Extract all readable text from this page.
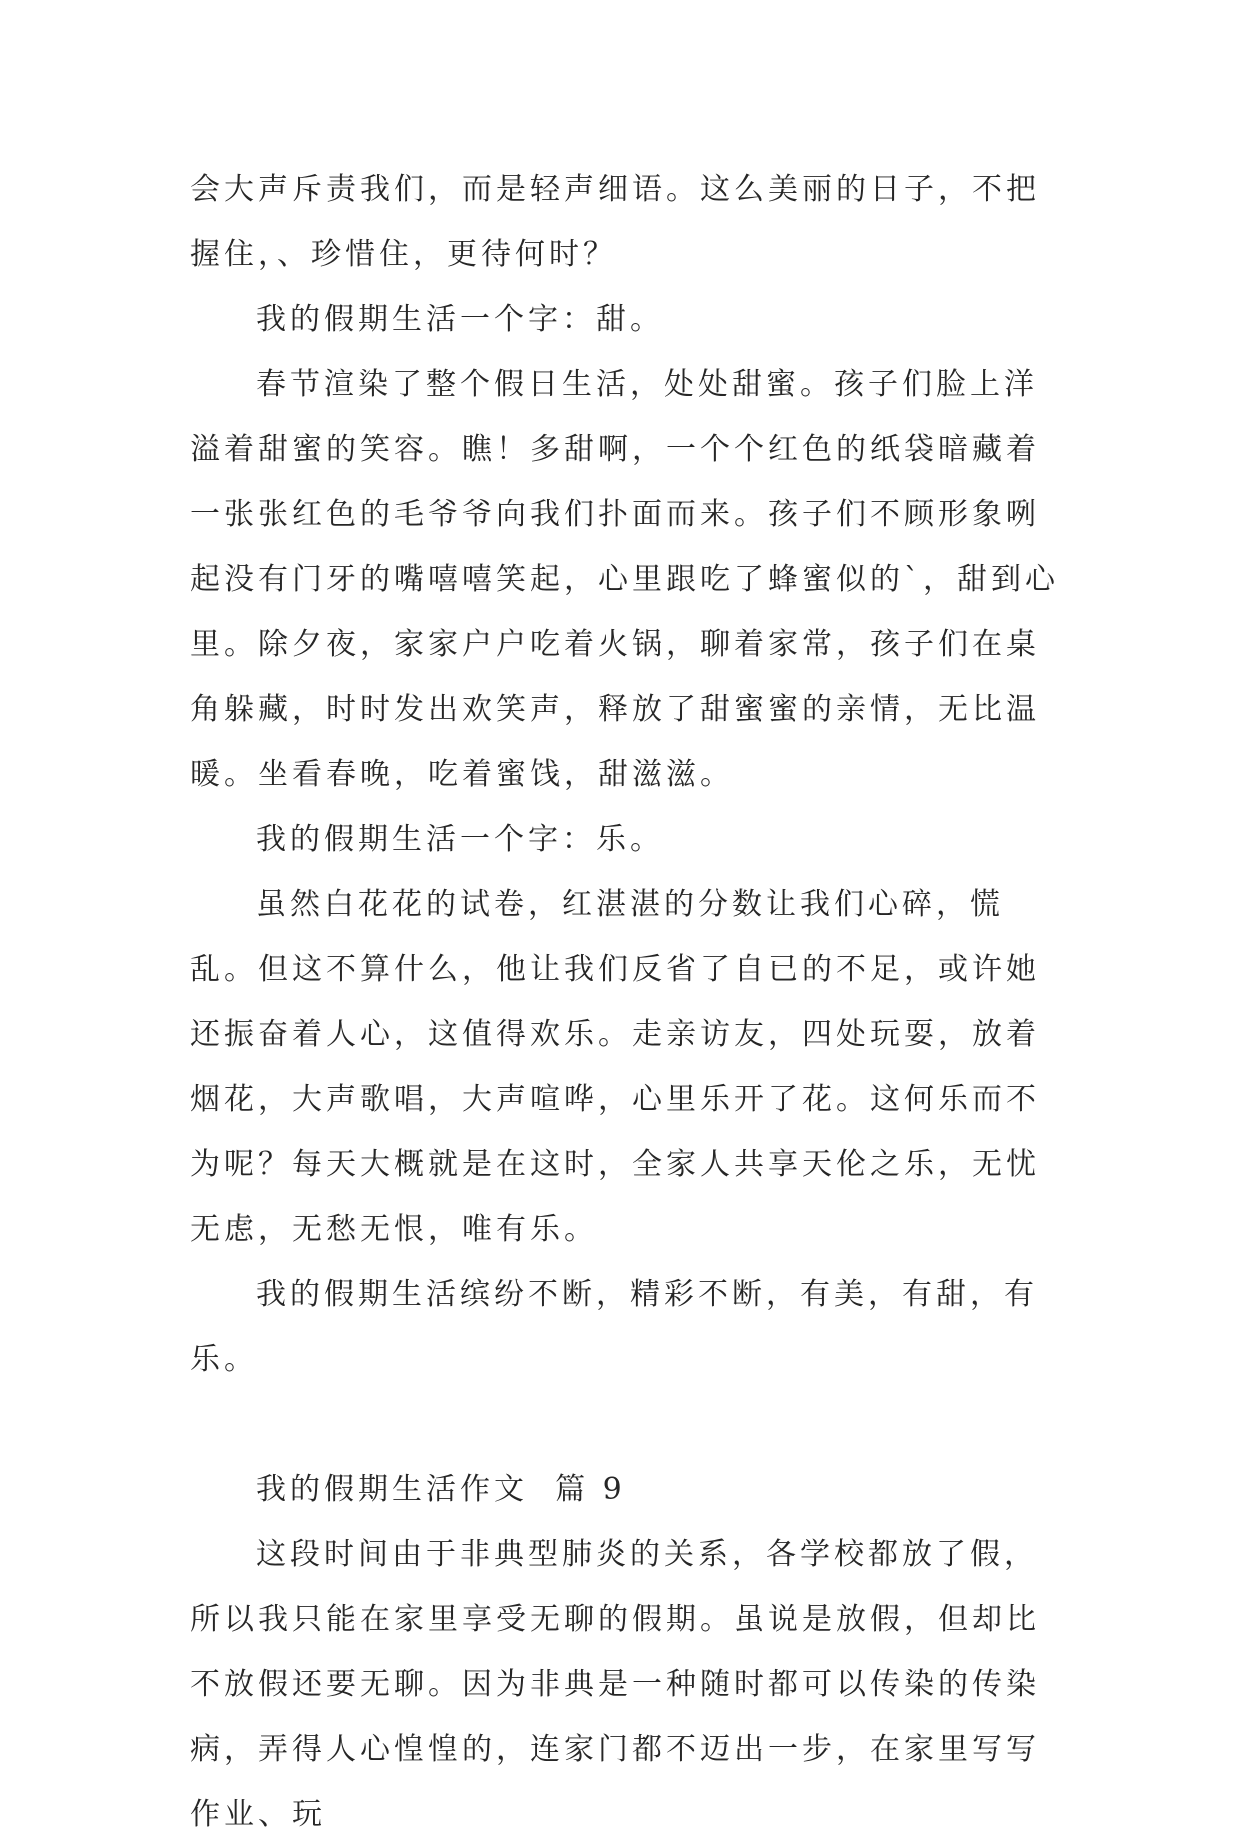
会大声斥责我们，而是轻声细语。这么美丽的日子，不把握住，、珍惜住，更待何时？

我的假期生活一个字：甜。

春节渲染了整个假日生活，处处甜蜜。孩子们脸上洋溢着甜蜜的笑容。瞧！多甜啊，一个个红色的纸袋暗藏着一张张红色的毛爷爷向我们扑面而来。孩子们不顾形象咧起没有门牙的嘴嘻嘻笑起，心里跟吃了蜂蜜似的`，甜到心里。除夕夜，家家户户吃着火锅，聊着家常，孩子们在桌角躲藏，时时发出欢笑声，释放了甜蜜蜜的亲情，无比温暖。坐看春晚，吃着蜜饯，甜滋滋。

我的假期生活一个字：乐。

虽然白花花的试卷，红湛湛的分数让我们心碎，慌乱。但这不算什么，他让我们反省了自已的不足，或许她还振奋着人心，这值得欢乐。走亲访友，四处玩耍，放着烟花，大声歌唱，大声喧哗，心里乐开了花。这何乐而不为呢？每天大概就是在这时，全家人共享天伦之乐，无忧无虑，无愁无恨，唯有乐。

我的假期生活缤纷不断，精彩不断，有美，有甜，有乐。

我的假期生活作文  篇 9

这段时间由于非典型肺炎的关系，各学校都放了假，所以我只能在家里享受无聊的假期。虽说是放假，但却比不放假还要无聊。因为非典是一种随时都可以传染的传染病，弄得人心惶惶的，连家门都不迈出一步，在家里写写作业、玩
